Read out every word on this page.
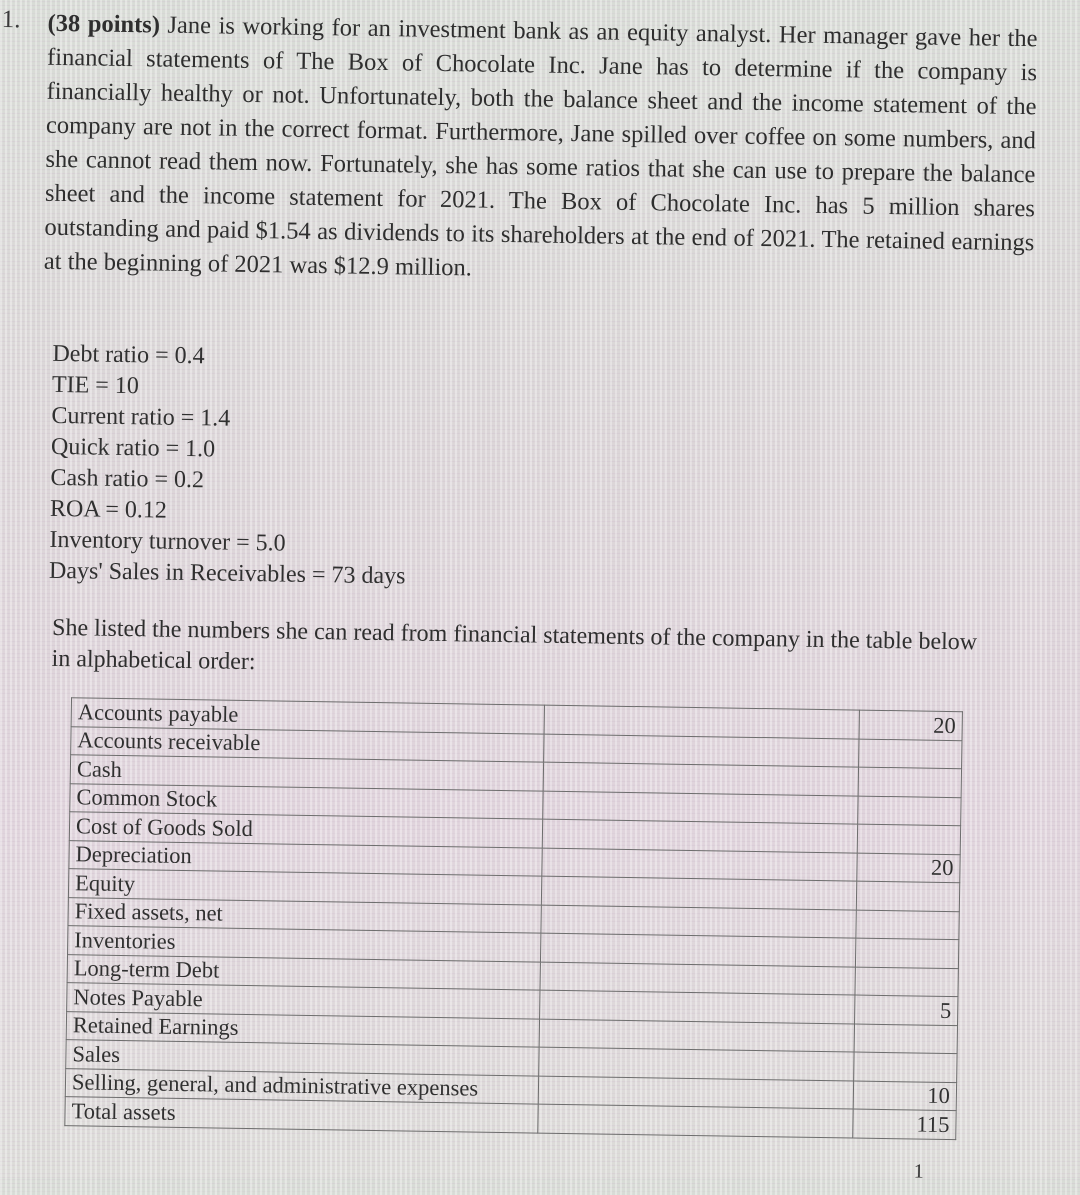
1. (38 points) Jane is working for an investment bank as an equity analyst. Her manager gave her the financial statements of The Box of Chocolate Inc. Jane has to determine if the company is financially healthy or not. Unfortunately, both the balance sheet and the income statement of the company are not in the correct format. Furthermore, Jane spilled over coffee on some numbers, and she cannot read them now. Fortunately, she has some ratios that she can use to prepare the balance sheet and the income statement for 2021. The Box of Chocolate Inc. has 5 million shares outstanding and paid $1.54 as dividends to its shareholders at the end of 2021. The retained earnings at the beginning of 2021 was $12.9 million.
Debt ratio = 0.4
TIE = 10
Current ratio = 1.4
Quick ratio = 1.0
Cash ratio = 0.2
ROA = 0.12
Inventory turnover = 5.0
Days' Sales in Receivables = 73 days
She listed the numbers she can read from financial statements of the company in the table below in alphabetical order:
Accounts payable		20
Accounts receivable		
Cash		
Common Stock		
Cost of Goods Sold		
Depreciation		20
Equity		
Fixed assets, net		
Inventories		
Long-term Debt		
Notes Payable		5
Retained Earnings		
Sales		
Selling, general, and administrative expenses		10
Total assets		115
1
